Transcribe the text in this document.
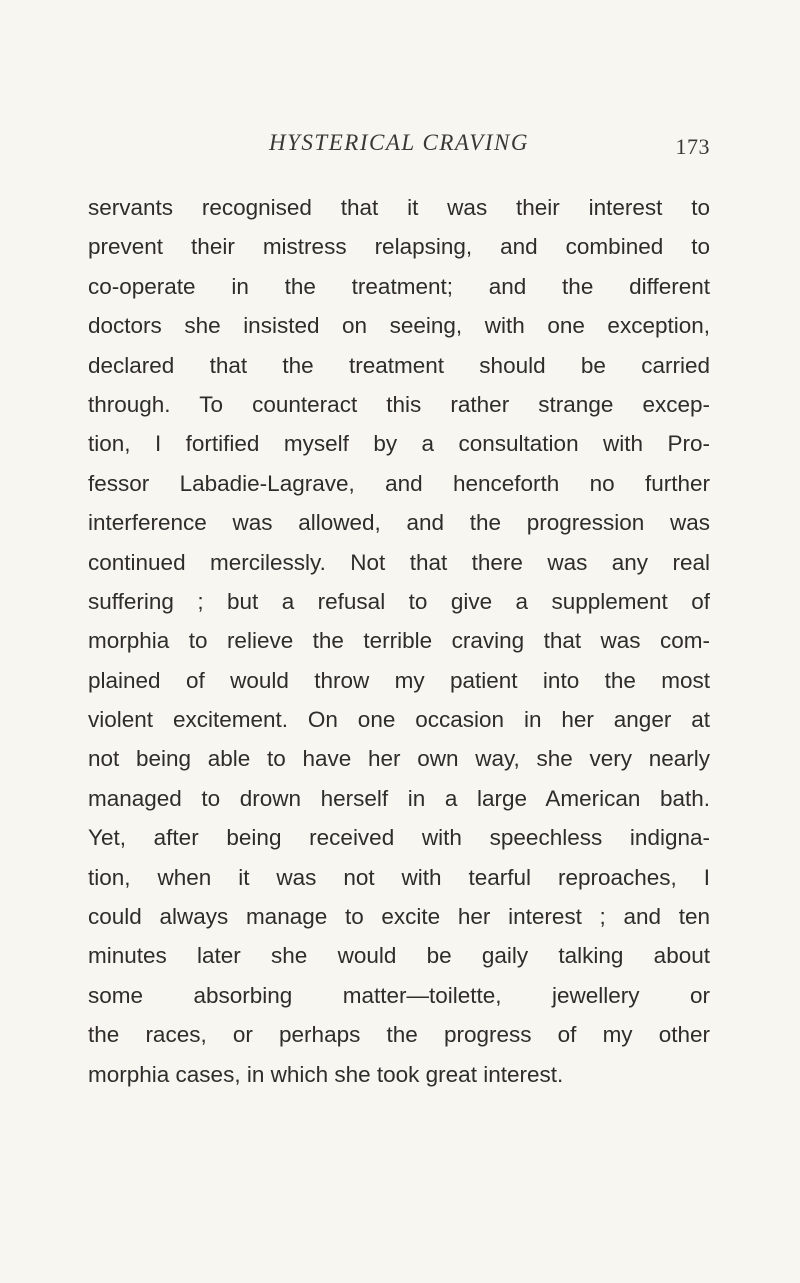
HYSTERICAL CRAVING	173
servants recognised that it was their interest to
prevent their mistress relapsing, and combined to
co-operate in the treatment; and the different
doctors she insisted on seeing, with one exception,
declared that the treatment should be carried
through. To counteract this rather strange excep-
tion, I fortified myself by a consultation with Pro-
fessor Labadie-Lagrave, and henceforth no further
interference was allowed, and the progression was
continued mercilessly. Not that there was any real
suffering ; but a refusal to give a supplement of
morphia to relieve the terrible craving that was com-
plained of would throw my patient into the most
violent excitement. On one occasion in her anger at
not being able to have her own way, she very nearly
managed to drown herself in a large American bath.
Yet, after being received with speechless indigna-
tion, when it was not with tearful reproaches, I
could always manage to excite her interest ; and ten
minutes later she would be gaily talking about
some absorbing matter—toilette, jewellery or
the races, or perhaps the progress of my other
morphia cases, in which she took great interest.
